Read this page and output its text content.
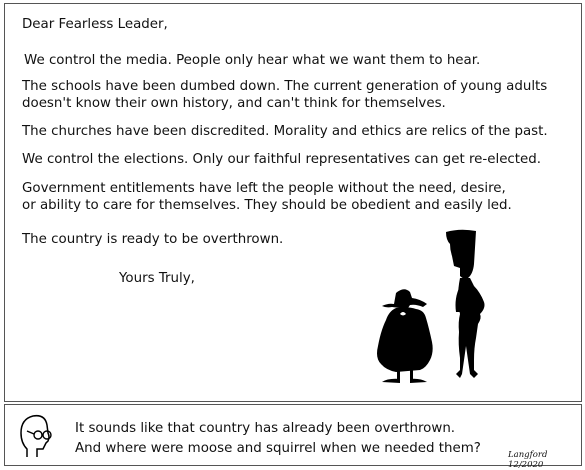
Dear Fearless Leader,
We control the media. People only hear what we want them to hear.
The schools have been dumbed down. The current generation of young adults
doesn't know their own history, and can't think for themselves.
The churches have been discredited. Morality and ethics are relics of the past.
We control the elections. Only our faithful representatives can get re-elected.
Government entitlements have left the people without the need, desire,
or ability to care for themselves. They should be obedient and easily led.
The country is ready to be overthrown.
Yours Truly,
It sounds like that country has already been overthrown.
And where were moose and squirrel when we needed them?	Langford 12/2020
